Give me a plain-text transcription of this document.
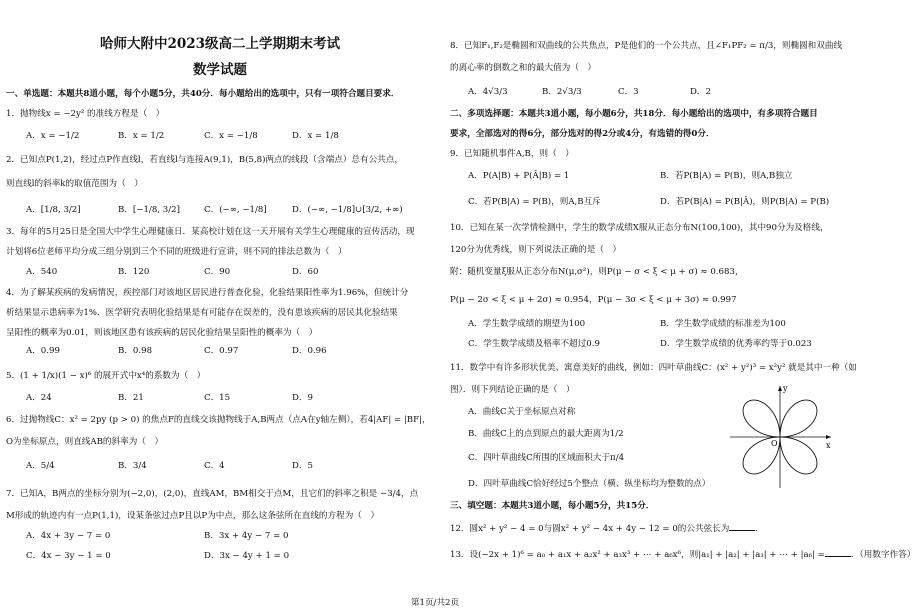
哈师大附中2023级高二上学期期末考试
数学试题
一、单选题：本题共8道小题，每个小题5分，共40分．每小题给出的选项中，只有一项符合题目要求．
1．抛物线x = −2y² 的准线方程是（　）
A．x = −1/2	B．x = 1/2	C．x = −1/8	D．x = 1/8
2．已知点P(1,2)，经过点P作直线l，若直线l与连接A(9,1)，B(5,8)两点的线段（含端点）总有公共点，
则直线l的斜率k的取值范围为（　）
A．[1/8, 3/2]	B．[−1/8, 3/2]	C．(−∞, −1/8]	D．(−∞, −1/8]∪[3/2, +∞)
3．每年的5月25日是全国大中学生心理健康日．某高校计划在这一天开展有关学生心理健康的宣传活动，现
计划将6位老师平均分成三组分别到三个不同的班级进行宣讲，则不同的排法总数为（　）
A．540	B．120	C．90	D．60
4．为了解某疾病的发病情况，疾控部门对该地区居民进行普查化验，化验结果阳性率为1.96%，但统计分
析结果显示患病率为1%．医学研究表明化验结果是有可能存在误差的，没有患该疾病的居民其化验结果
呈阳性的概率为0.01，则该地区患有该疾病的居民化验结果呈阳性的概率为（　）
A．0.99	B．0.98	C．0.97	D．0.96
5．(1 + 1/x)(1 − x)⁶ 的展开式中x⁴的系数为（　）
A．24	B．21	C．15	D．9
6．过抛物线C：x² = 2py (p > 0) 的焦点F的直线交该抛物线于A,B两点（点A在y轴左侧），若4|AF| = |BF|，
O为坐标原点，则直线AB的斜率为（　）
A．5/4	B．3/4	C．4	D．5
7．已知A，B两点的坐标分别为(−2,0)，(2,0)，直线AM，BM相交于点M，且它们的斜率之积是 −3/4，点
M形成的轨迹内有一点P(1,1)，设某条弦过点P且以P为中点，那么这条弦所在直线的方程为（　）
A．4x + 3y − 7 = 0	B．3x + 4y − 7 = 0
C．4x − 3y − 1 = 0	D．3x − 4y + 1 = 0
8．已知F₁,F₂是椭圆和双曲线的公共焦点，P是他们的一个公共点，且∠F₁PF₂ = π/3，则椭圆和双曲线
的离心率的倒数之和的最大值为（　）
A．4√3/3	B．2√3/3	C．3	D．2
二、多项选择题：本题共3道小题，每小题6分，共18分．每小题给出的选项中，有多项符合题目
要求，全部选对的得6分，部分选对的得2分或4分，有选错的得0分．
9．已知随机事件A,B，则（　）
A．P(A|B) + P(Ā|B) = 1	B．若P(B|A) = P(B)，则A,B独立
C．若P(B|A) = P(B)，则A,B互斥	D．若P(B|A) = P(B|Ā)，则P(B|A) = P(B)
10．已知在某一次学情检测中，学生的数学成绩X服从正态分布N(100,100)，其中90分为及格线，
120分为优秀线，则下列说法正确的是（　）
附：随机变量ξ服从正态分布N(μ,σ²)，则P(μ − σ < ξ < μ + σ) ≈ 0.683，
P(μ − 2σ < ξ < μ + 2σ) ≈ 0.954，P(μ − 3σ < ξ < μ + 3σ) ≈ 0.997
A．学生数学成绩的期望为100	B．学生数学成绩的标准差为100
C．学生数学成绩及格率不超过0.9	D．学生数学成绩的优秀率约等于0.023
11．数学中有许多形状优美、寓意美好的曲线，例如：四叶草曲线C：(x² + y²)³ = x²y² 就是其中一种（如
图）．则下列结论正确的是（　）
A．曲线C关于坐标原点对称
B．曲线C上的点到原点的最大距离为1/2
C．四叶草曲线C所围的区域面积大于π/4
D．四叶草曲线C恰好经过5个整点（横、纵坐标均为整数的点）
三、填空题：本题共3道小题，每小题5分，共15分．
12．圆x² + y² − 4 = 0与圆x² + y² − 4x + 4y − 12 = 0的公共弦长为	．
13．设(−2x + 1)⁶ = a₀ + a₁x + a₂x² + a₃x³ + ⋯ + a₆x⁶，则|a₁| + |a₂| + |a₃| + ⋯ + |a₆| =	．（用数字作答）
y
x
O
第1页/共2页
